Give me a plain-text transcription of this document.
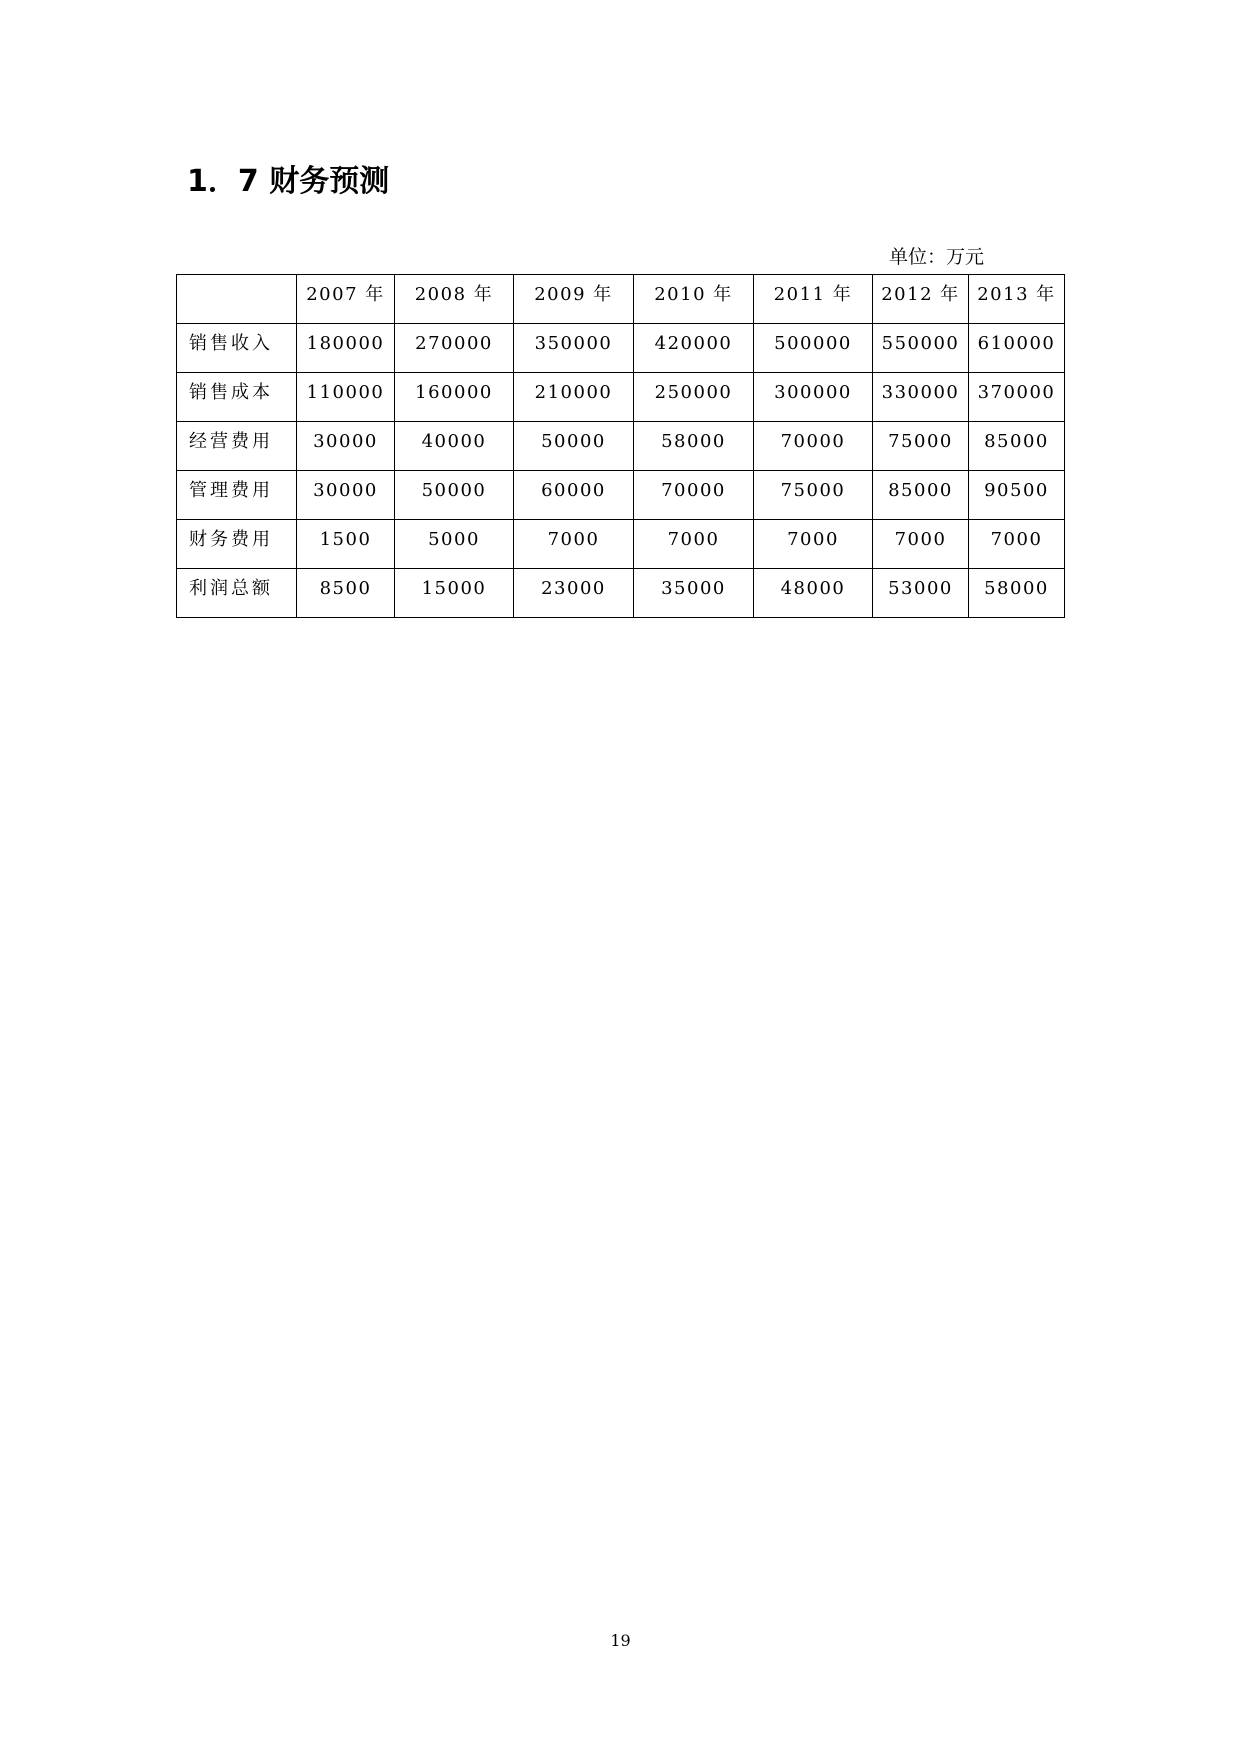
1．7 财务预测
单位：万元
	2007 年	2008 年	2009 年	2010 年	2011 年	2012 年	2013 年
销售收入	180000	270000	350000	420000	500000	550000	610000
销售成本	110000	160000	210000	250000	300000	330000	370000
经营费用	30000	40000	50000	58000	70000	75000	85000
管理费用	30000	50000	60000	70000	75000	85000	90500
财务费用	1500	5000	7000	7000	7000	7000	7000
利润总额	8500	15000	23000	35000	48000	53000	58000
19
